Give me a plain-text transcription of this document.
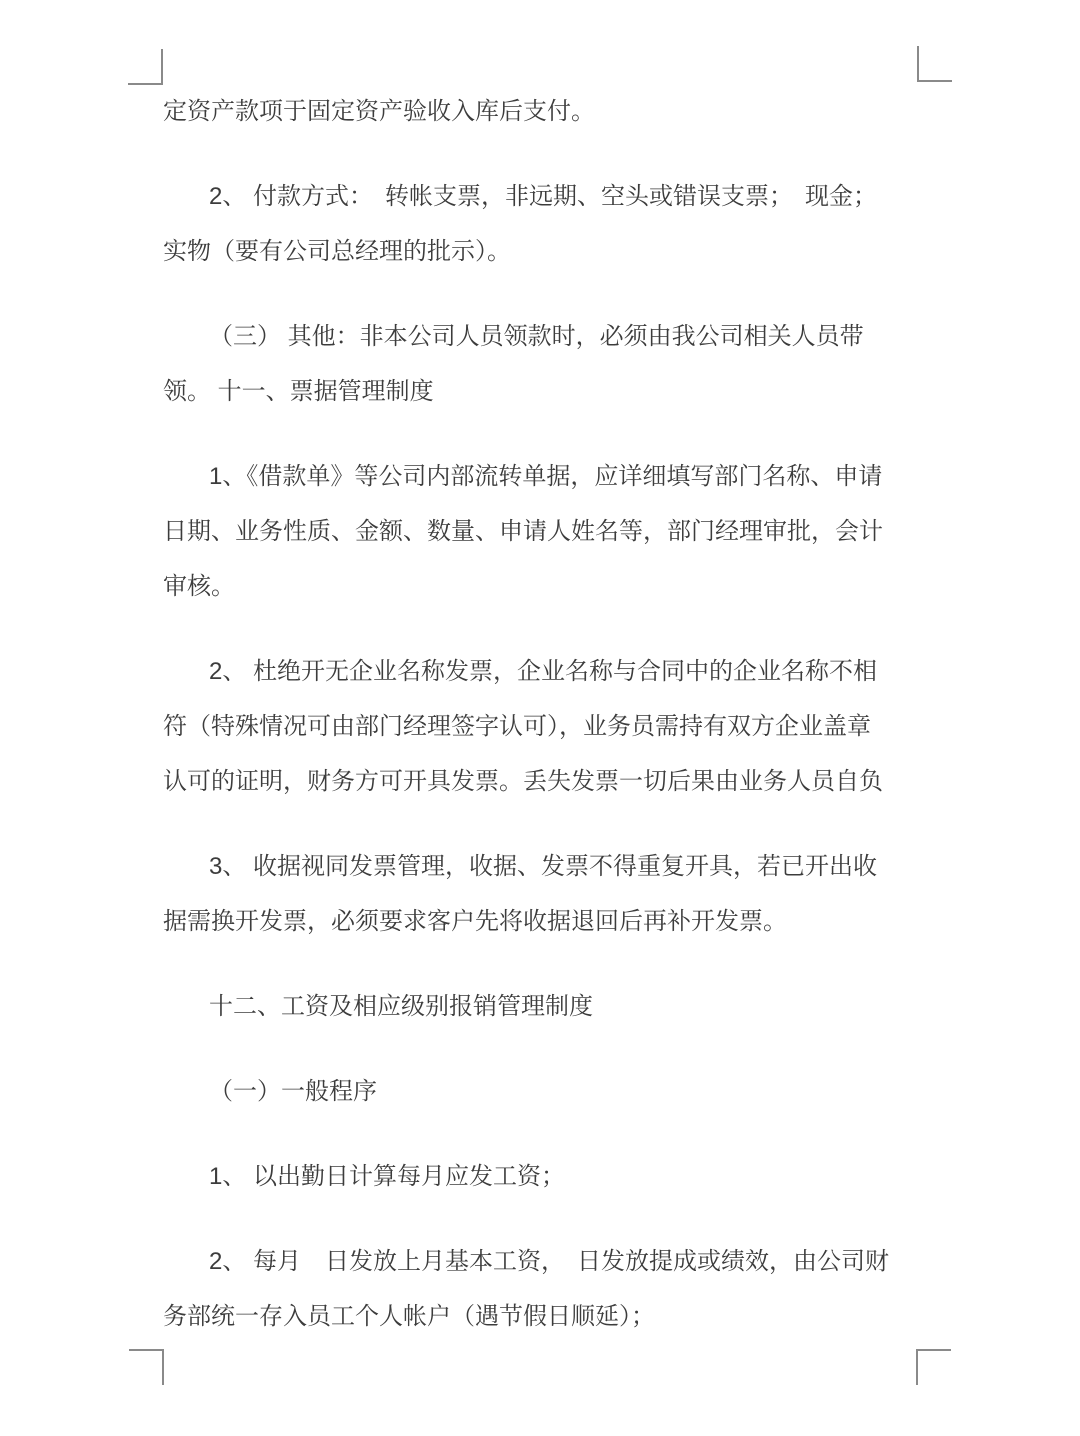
定资产款项于固定资产验收入库后支付。
2、 付款方式：　转帐支票，非远期、空头或错误支票；　现金；
实物（要有公司总经理的批示）。
（三） 其他：非本公司人员领款时，必须由我公司相关人员带
领。 十一、票据管理制度
1、《借款单》等公司内部流转单据，应详细填写部门名称、申请
日期、业务性质、金额、数量、申请人姓名等，部门经理审批，会计
审核。
2、 杜绝开无企业名称发票，企业名称与合同中的企业名称不相
符（特殊情况可由部门经理签字认可），业务员需持有双方企业盖章
认可的证明，财务方可开具发票。丢失发票一切后果由业务人员自负
3、 收据视同发票管理，收据、发票不得重复开具，若已开出收
据需换开发票，必须要求客户先将收据退回后再补开发票。
十二、工资及相应级别报销管理制度
（一）一般程序
1、 以出勤日计算每月应发工资；
2、 每月　日发放上月基本工资，　日发放提成或绩效，由公司财
务部统一存入员工个人帐户（遇节假日顺延）；
